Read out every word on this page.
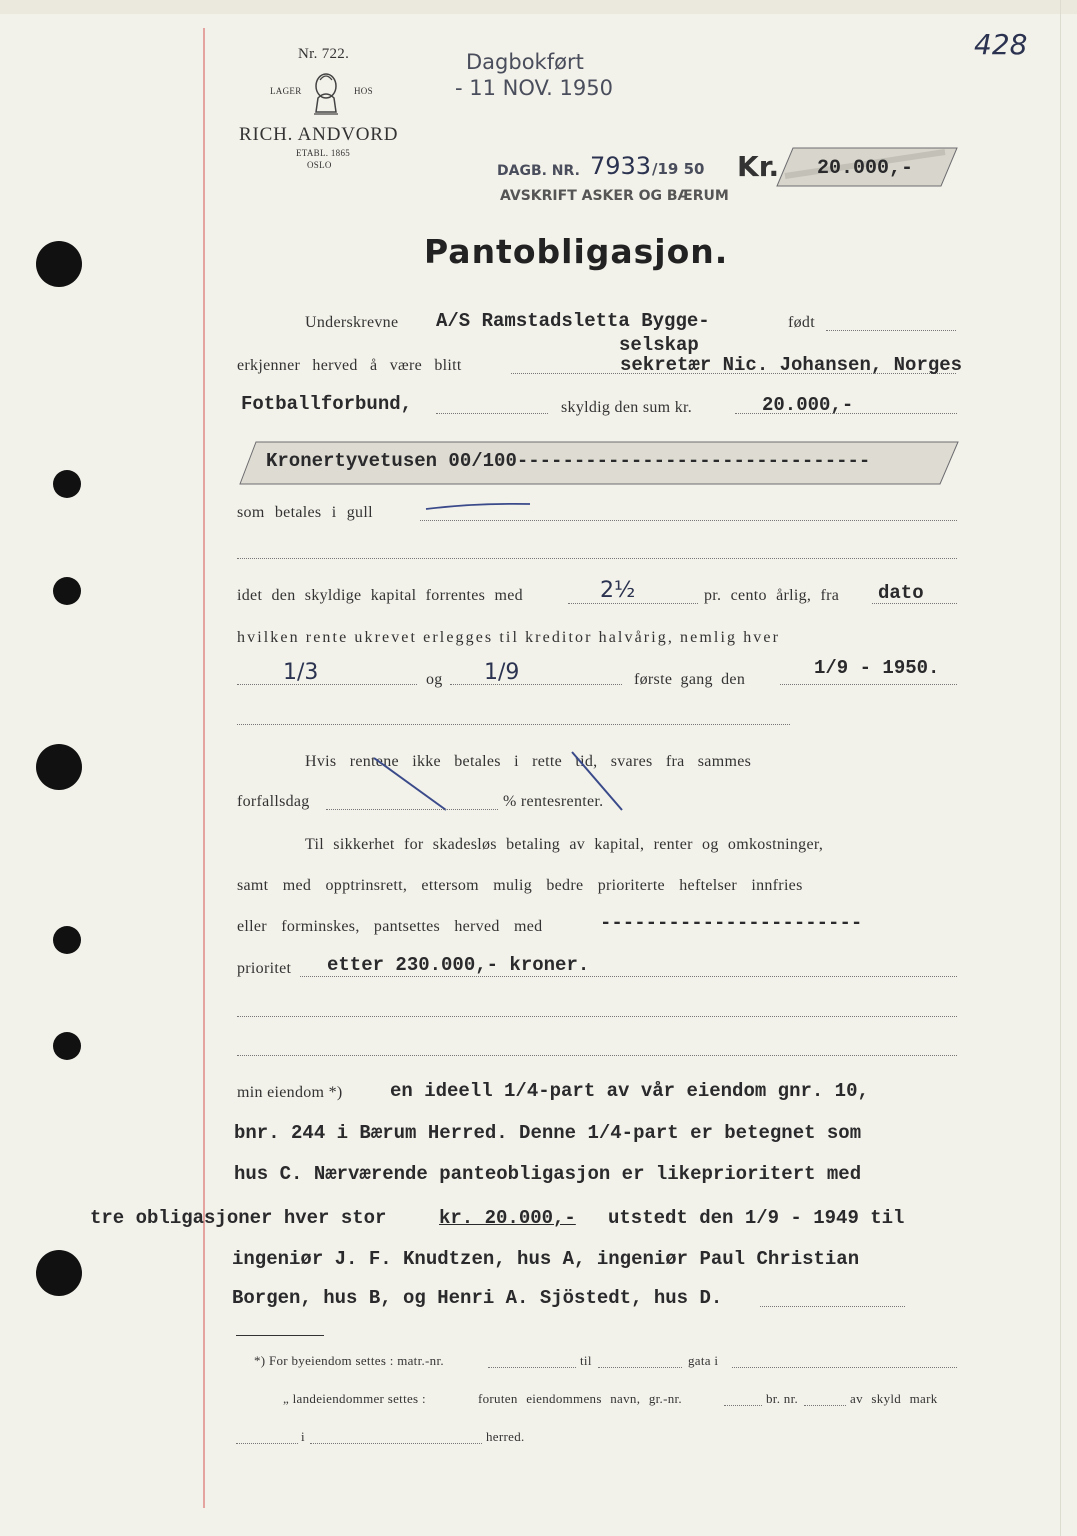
Nr. 722.
LAGER	HOS
RICH. ANDVORD
ETABL. 1865
OSLO
428
Dagbokført
- 11 NOV. 1950
DAGB. NR. 7933 /19 50 Kr. 20.000,-
AVSKRIFT ASKER OG BÆRUM
Pantobligasjon.
Underskrevne A/S Ramstadsletta Bygge-
selskap
født
erkjenner herved å være blitt	sekretær Nic. Johansen, Norges
Fotballforbund,	skyldig den sum kr.	20.000,-
Kronertyvetusen 00/100-------------------------------
som betales i gull
idet den skyldige kapital forrentes med	2½	pr. cento årlig, fra dato
hvilken rente ukrevet erlegges til kreditor halvårig, nemlig hver
1/3	og 1/9	første gang den
1/9 - 1950.
Hvis rentene ikke betales i rette tid, svares fra sammes
forfallsdag	% rentesrenter.
Til sikkerhet for skadesløs betaling av kapital, renter og omkostninger,
samt med opptrinsrett, ettersom mulig bedre prioriterte heftelser innfries
eller forminskes, pantsettes herved med	-----------------------
prioritet etter 230.000,- kroner.
min eiendom *) en ideell 1/4-part av vår eiendom gnr. 10,
bnr. 244 i Bærum Herred. Denne 1/4-part er betegnet som
hus C. Nærværende panteobligasjon er likeprioritert med
tre obligasjoner hver stor	kr. 20.000,- utstedt den 1/9 - 1949 til
ingeniør J. F. Knudtzen, hus A, ingeniør Paul Christian
Borgen, hus B, og Henri A. Sjöstedt, hus D.
*) For byeiendom settes : matr.-nr.	til	gata i
„ landeiendommer settes :	foruten eiendommens navn, gr.-nr.	br. nr.	av skyld mark
i	herred.
